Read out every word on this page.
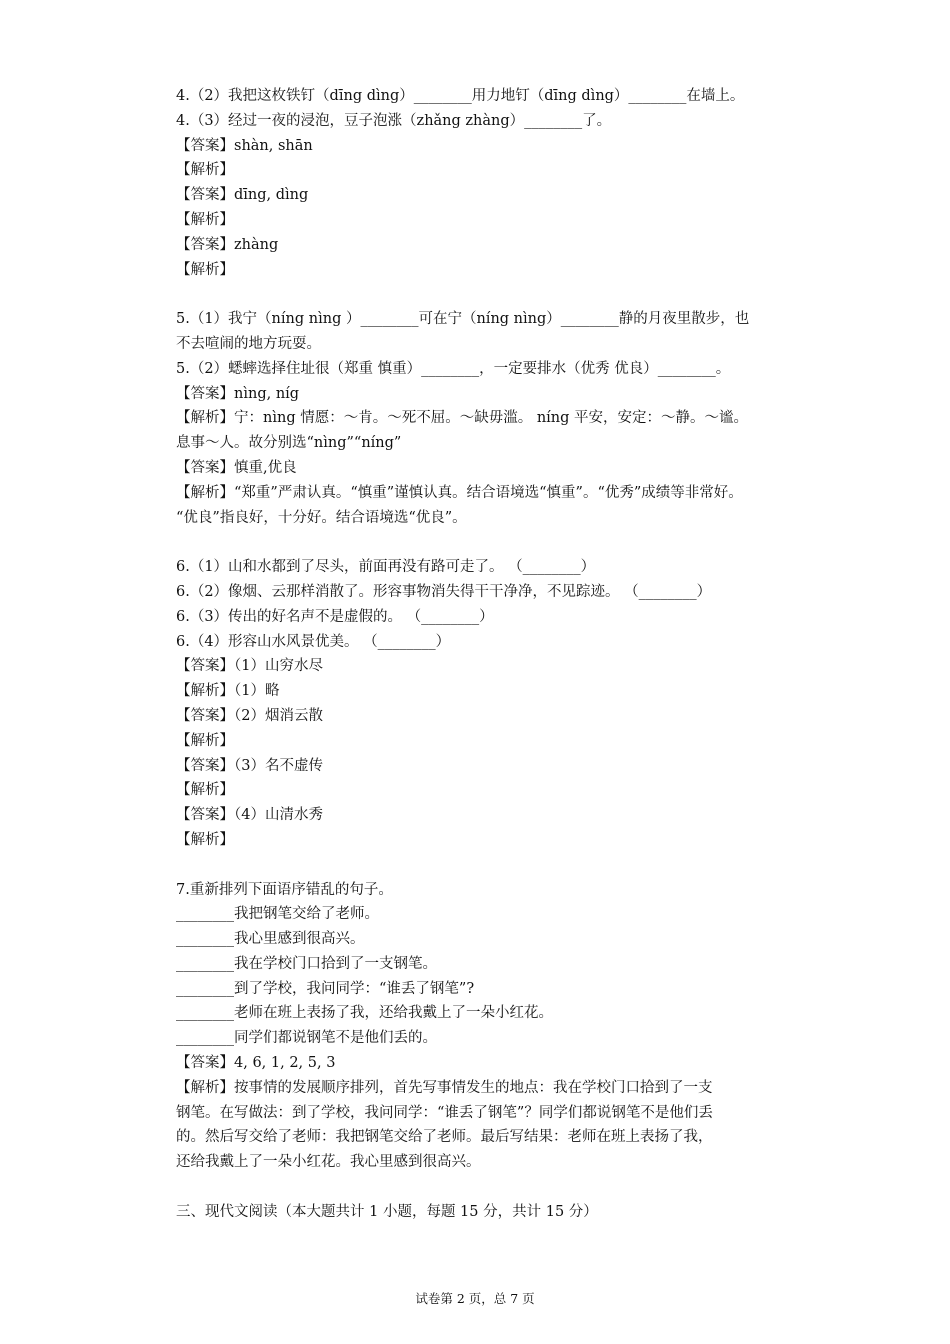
4.（2）我把这枚铁钉（dīng dìng）________用力地钉（dīng dìng）________在墙上。
4.（3）经过一夜的浸泡，豆子泡涨（zhǎng zhàng）________了。
【答案】shàn, shān
【解析】
【答案】dīng, dìng
【解析】
【答案】zhàng
【解析】
5.（1）我宁（níng nìng ）________可在宁（níng nìng）________静的月夜里散步，也
不去喧闹的地方玩耍。
5.（2）蟋蟀选择住址很（郑重 慎重）________，一定要排水（优秀 优良）________。
【答案】nìng, níg
【解析】宁：nìng 情愿：～肯。～死不屈。～缺毋滥。 níng 平安，安定：～静。～谧。
息事～人。故分别选“nìng”“níng”
【答案】慎重,优良
【解析】“郑重”严肃认真。“慎重”谨慎认真。结合语境选“慎重”。“优秀”成绩等非常好。
“优良”指良好，十分好。结合语境选“优良”。
6.（1）山和水都到了尽头，前面再没有路可走了。 （________）
6.（2）像烟、云那样消散了。形容事物消失得干干净净，不见踪迹。 （________）
6.（3）传出的好名声不是虚假的。 （________）
6.（4）形容山水风景优美。 （________）
【答案】（1）山穷水尽
【解析】（1）略
【答案】（2）烟消云散
【解析】
【答案】（3）名不虚传
【解析】
【答案】（4）山清水秀
【解析】
7.重新排列下面语序错乱的句子。
________我把钢笔交给了老师。
________我心里感到很高兴。
________我在学校门口拾到了一支钢笔。
________到了学校，我问同学：“谁丢了钢笔”?
________老师在班上表扬了我，还给我戴上了一朵小红花。
________同学们都说钢笔不是他们丢的。
【答案】4, 6, 1, 2, 5, 3
【解析】按事情的发展顺序排列，首先写事情发生的地点：我在学校门口拾到了一支
钢笔。在写做法：到了学校，我问同学：“谁丢了钢笔”？同学们都说钢笔不是他们丢
的。然后写交给了老师：我把钢笔交给了老师。最后写结果：老师在班上表扬了我，
还给我戴上了一朵小红花。我心里感到很高兴。
三、现代文阅读（本大题共计 1 小题，每题 15 分，共计 15 分）
试卷第 2 页，总 7 页
